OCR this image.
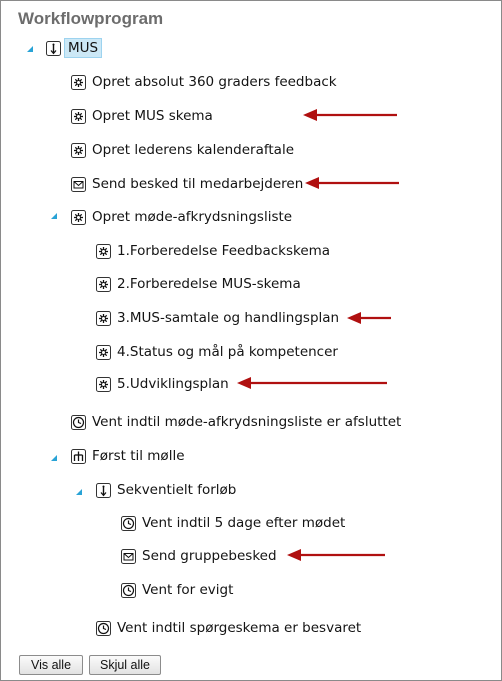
Workflowprogram
MUS
Opret absolut 360 graders feedback
Opret MUS skema
Opret lederens kalenderaftale
Send besked til medarbejderen
Opret møde-afkrydsningsliste
1.Forberedelse Feedbackskema
2.Forberedelse MUS-skema
3.MUS-samtale og handlingsplan
4.Status og mål på kompetencer
5.Udviklingsplan
Vent indtil møde-afkrydsningsliste er afsluttet
Først til mølle
Sekventielt forløb
Vent indtil 5 dage efter mødet
Send gruppebesked
Vent for evigt
Vent indtil spørgeskema er besvaret
Vis alle	Skjul alle
